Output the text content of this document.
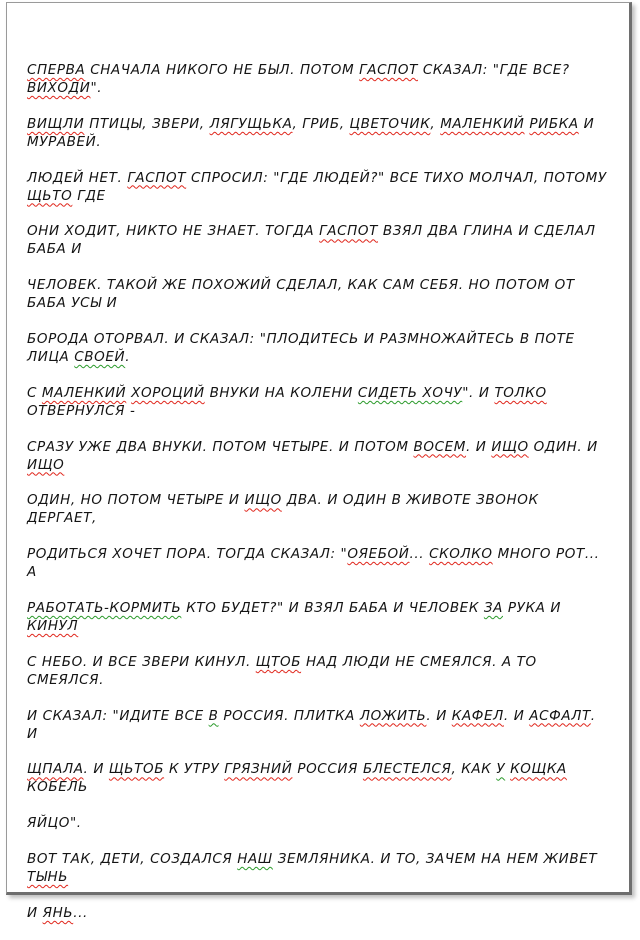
СПЕРВА СНАЧАЛА НИКОГО НЕ БЫЛ. ПОТОМ ГАСПОТ СКАЗАЛ: "ГДЕ ВСЕ? ВИХОДИ".
ВИЩЛИ ПТИЦЫ, ЗВЕРИ, ЛЯГУЩЬКА, ГРИБ, ЦВЕТОЧИК, МАЛЕНКИЙ РИБКА И МУРАВЕЙ.
ЛЮДЕЙ НЕТ. ГАСПОТ СПРОСИЛ: "ГДЕ ЛЮДЕЙ?" ВСЕ ТИХО МОЛЧАЛ, ПОТОМУ ЩЬТО ГДЕ
ОНИ ХОДИТ, НИКТО НЕ ЗНАЕТ. ТОГДА ГАСПОТ ВЗЯЛ ДВА ГЛИНА И СДЕЛАЛ БАБА И
ЧЕЛОВЕК. ТАКОЙ ЖЕ ПОХОЖИЙ СДЕЛАЛ, КАК САМ СЕБЯ. НО ПОТОМ ОТ БАБА УСЫ И
БОРОДА ОТОРВАЛ. И СКАЗАЛ: "ПЛОДИТЕСЬ И РАЗМНОЖАЙТЕСЬ В ПОТЕ ЛИЦА СВОЕЙ.
С МАЛЕНКИЙ ХОРОЦИЙ ВНУКИ НА КОЛЕНИ СИДЕТЬ ХОЧУ". И ТОЛКО ОТВЕРНУЛСЯ -
СРАЗУ УЖЕ ДВА ВНУКИ. ПОТОМ ЧЕТЫРЕ. И ПОТОМ ВОСЕМ. И ИЩО ОДИН. И ИЩО
ОДИН, НО ПОТОМ ЧЕТЫРЕ И ИЩО ДВА. И ОДИН В ЖИВОТЕ ЗВОНОК ДЕРГАЕТ,
РОДИТЬСЯ ХОЧЕТ ПОРА. ТОГДА СКАЗАЛ: "ОЯЕБОЙ... СКОЛКО МНОГО РОТ... А
РАБОТАТЬ-КОРМИТЬ КТО БУДЕТ?" И ВЗЯЛ БАБА И ЧЕЛОВЕК ЗА РУКА И КИНУЛ
С НЕБО. И ВСЕ ЗВЕРИ КИНУЛ. ЩТОБ НАД ЛЮДИ НЕ СМЕЯЛСЯ. А ТО СМЕЯЛСЯ.
И СКАЗАЛ: "ИДИТЕ ВСЕ В РОССИЯ. ПЛИТКА ЛОЖИТЬ. И КАФЕЛ. И АСФАЛТ. И
ЩПАЛА. И ЩЬТОБ К УТРУ ГРЯЗНИЙ РОССИЯ БЛЕСТЕЛСЯ, КАК У КОЩКА КОБЕЛЬ
ЯЙЦО".
ВОТ ТАК, ДЕТИ, СОЗДАЛСЯ НАШ ЗЕМЛЯНИКА. И ТО, ЗАЧЕМ НА НЕМ ЖИВЕТ ТЫНЬ
И ЯНЬ...
